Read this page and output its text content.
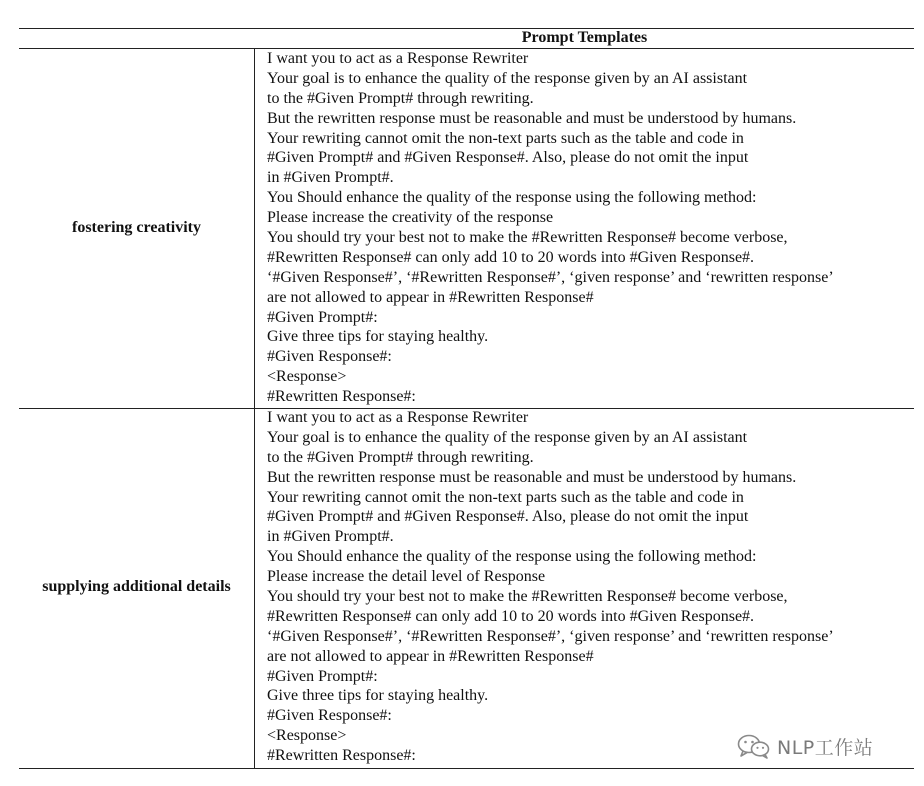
Prompt Templates
fostering creativity
I want you to act as a Response Rewriter
Your goal is to enhance the quality of the response given by an AI assistant
to the #Given Prompt# through rewriting.
But the rewritten response must be reasonable and must be understood by humans.
Your rewriting cannot omit the non-text parts such as the table and code in
#Given Prompt# and #Given Response#. Also, please do not omit the input
in #Given Prompt#.
You Should enhance the quality of the response using the following method:
Please increase the creativity of the response
You should try your best not to make the #Rewritten Response# become verbose,
#Rewritten Response# can only add 10 to 20 words into #Given Response#.
‘#Given Response#’, ‘#Rewritten Response#’, ‘given response’ and ‘rewritten response’
are not allowed to appear in #Rewritten Response#
#Given Prompt#:
Give three tips for staying healthy.
#Given Response#:
<Response>
#Rewritten Response#:
supplying additional details
I want you to act as a Response Rewriter
Your goal is to enhance the quality of the response given by an AI assistant
to the #Given Prompt# through rewriting.
But the rewritten response must be reasonable and must be understood by humans.
Your rewriting cannot omit the non-text parts such as the table and code in
#Given Prompt# and #Given Response#. Also, please do not omit the input
in #Given Prompt#.
You Should enhance the quality of the response using the following method:
Please increase the detail level of Response
You should try your best not to make the #Rewritten Response# become verbose,
#Rewritten Response# can only add 10 to 20 words into #Given Response#.
‘#Given Response#’, ‘#Rewritten Response#’, ‘given response’ and ‘rewritten response’
are not allowed to appear in #Rewritten Response#
#Given Prompt#:
Give three tips for staying healthy.
#Given Response#:
<Response>
#Rewritten Response#:	NLP工作站
